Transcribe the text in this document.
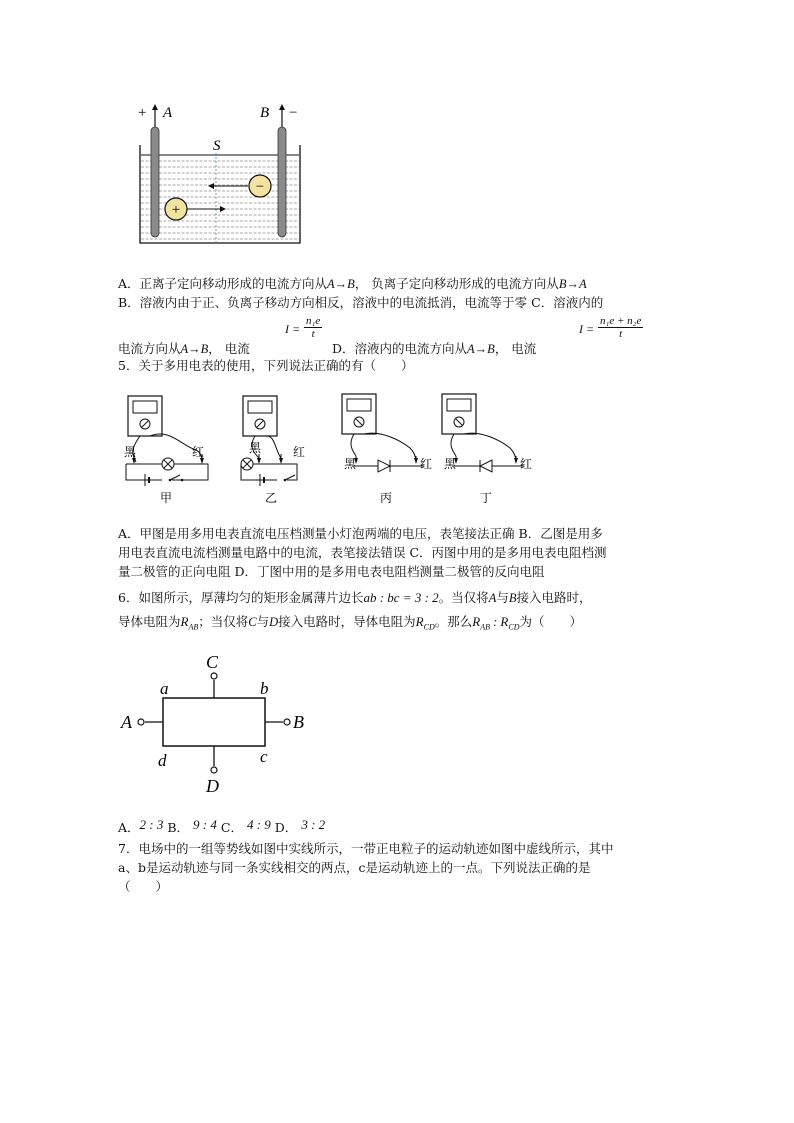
+ A	B −
S
−
+
A．正离子定向移动形成的电流方向从A→B， 负离子定向移动形成的电流方向从B→A
B．溶液内由于正、负离子移动方向相反，溶液中的电流抵消，电流等于零 C．溶液内的
$I = \frac{\text{n₁e}}{t}$	$I = \frac{\text{n₁e + n₂e}}{t}$
电流方向从A→B， 电流	D．溶液内的电流方向从A→B， 电流
5．关于多用电表的使用，下列说法正确的有（　　）
黑	红
甲
黑	红
乙
黑	红
丙
黑	红
丁
A．甲图是用多用电表直流电压档测量小灯泡两端的电压，表笔接法正确 B．乙图是用多
用电表直流电流档测量电路中的电流，表笔接法错误 C．丙图中用的是多用电表电阻档测
量二极管的正向电阻 D．丁图中用的是多用电表电阻档测量二极管的反向电阻
6．如图所示，厚薄均匀的矩形金属薄片边长ab : bc = 3 : 2。当仅将A与B接入电路时，
导体电阻为$R_{AB}$；当仅将C与D接入电路时，导体电阻为$R_{CD}$。那么$R_{AB}$ : $R_{CD}$为（　　）
C
a	b
A	B
d	c
D
A．2 : 3 B． 9 : 4 C． 4 : 9 D． 3 : 2
7．电场中的一组等势线如图中实线所示，一带正电粒子的运动轨迹如图中虚线所示，其中
a、b是运动轨迹与同一条实线相交的两点，c是运动轨迹上的一点。下列说法正确的是
（　　）
